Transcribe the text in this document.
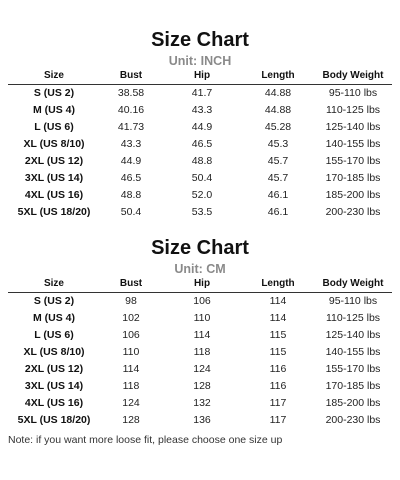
Size Chart
Unit: INCH
Size	Bust	Hip	Length	Body Weight
S (US 2)	38.58	41.7	44.88	95-110 lbs
M (US 4)	40.16	43.3	44.88	110-125 lbs
L (US 6)	41.73	44.9	45.28	125-140 lbs
XL (US 8/10)	43.3	46.5	45.3	140-155 lbs
2XL (US 12)	44.9	48.8	45.7	155-170 lbs
3XL (US 14)	46.5	50.4	45.7	170-185 lbs
4XL (US 16)	48.8	52.0	46.1	185-200 lbs
5XL (US 18/20)	50.4	53.5	46.1	200-230 lbs
Size Chart
Unit: CM
Size	Bust	Hip	Length	Body Weight
S (US 2)	98	106	114	95-110 lbs
M (US 4)	102	110	114	110-125 lbs
L (US 6)	106	114	115	125-140 lbs
XL (US 8/10)	110	118	115	140-155 lbs
2XL (US 12)	114	124	116	155-170 lbs
3XL (US 14)	118	128	116	170-185 lbs
4XL (US 16)	124	132	117	185-200 lbs
5XL (US 18/20)	128	136	117	200-230 lbs
Note: if you want more loose fit, please choose one size up
